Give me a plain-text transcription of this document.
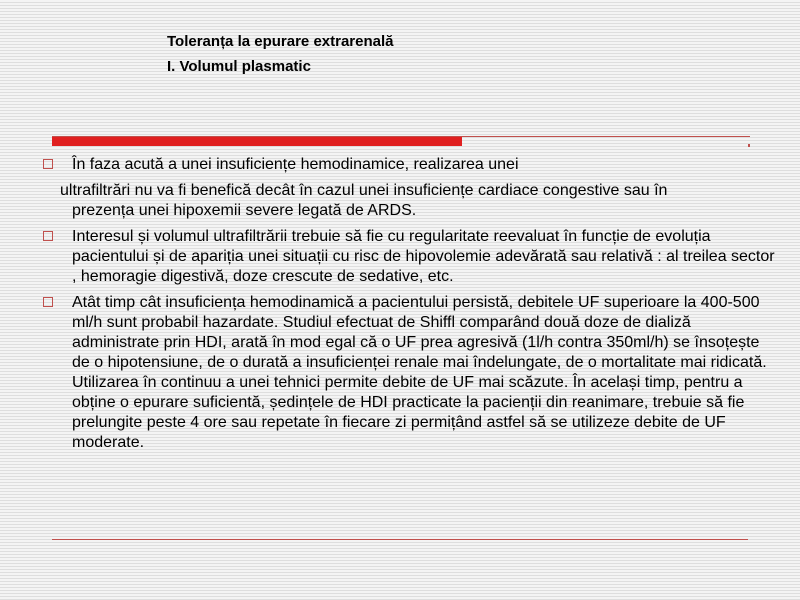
Toleranța la epurare extrarenală
I. Volumul plasmatic
În faza acută a unei insuficiențe hemodinamice, realizarea unei
ultrafiltrări nu va fi benefică decât în cazul unei insuficiențe cardiace congestive sau în
prezența unei hipoxemii severe legată de ARDS.
Interesul și volumul ultrafiltrării trebuie să fie cu regularitate reevaluat în funcție de evoluția pacientului și de apariția unei situații cu risc de hipovolemie adevărată sau relativă : al treilea sector , hemoragie digestivă, doze crescute de sedative, etc.
Atât timp cât insuficiența hemodinamică a pacientului persistă, debitele UF superioare la 400-500 ml/h sunt probabil hazardate. Studiul efectuat de Shiffl comparând două doze de dializă administrate prin HDI, arată în mod egal că o UF prea agresivă (1l/h contra 350ml/h) se însoțește de o hipotensiune, de o durată a insuficienței renale mai îndelungate, de o mortalitate mai ridicată. Utilizarea în continuu a unei tehnici permite debite de UF mai scăzute. În același timp, pentru a obține o epurare suficientă, ședințele de HDI practicate la pacienții din reanimare, trebuie să fie prelungite peste 4 ore sau repetate în fiecare zi permițând astfel să se utilizeze debite de UF moderate.
